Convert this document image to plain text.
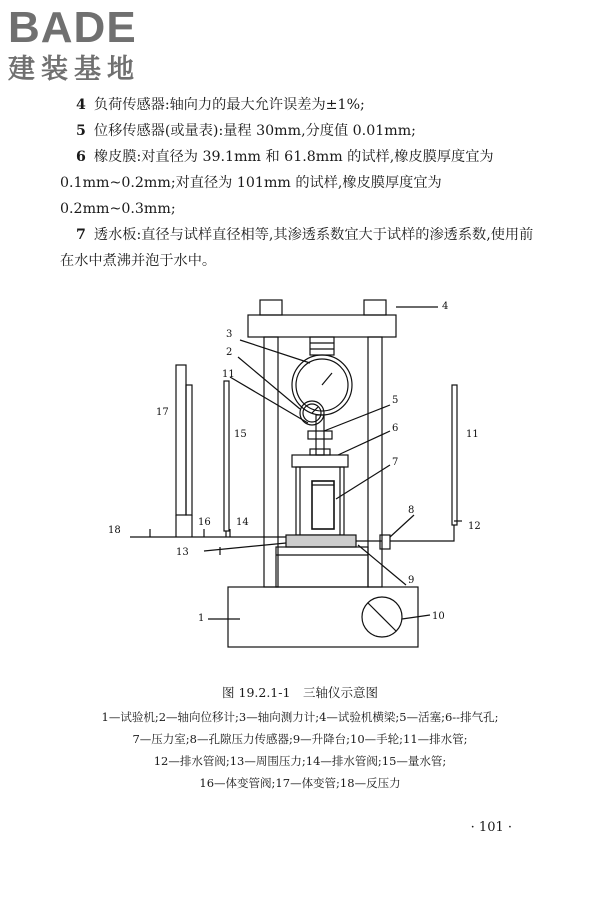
BADE
建装基地
4 负荷传感器:轴向力的最大允许误差为±1%;
5 位移传感器(或量表):量程 30mm,分度值 0.01mm;
6 橡皮膜:对直径为 39.1mm 和 61.8mm 的试样,橡皮膜厚度宜为 0.1mm~0.2mm;对直径为 101mm 的试样,橡皮膜厚度宜为 0.2mm~0.3mm;
7 透水板:直径与试样直径相等,其渗透系数宜大于试样的渗透系数,使用前在水中煮沸并泡于水中。
1
2
3
4
5
6
7
8
9
10
11
11
12
13
14
15
16
17
18
图 19.2.1-1　三轴仪示意图
1—试验机;2—轴向位移计;3—轴向测力计;4—试验机横梁;5—活塞;6--排气孔;
7—压力室;8—孔隙压力传感器;9—升降台;10—手轮;11—排水管;
12—排水管阀;13—周围压力;14—排水管阀;15—量水管;
16—体变管阀;17—体变管;18—反压力
· 101 ·
